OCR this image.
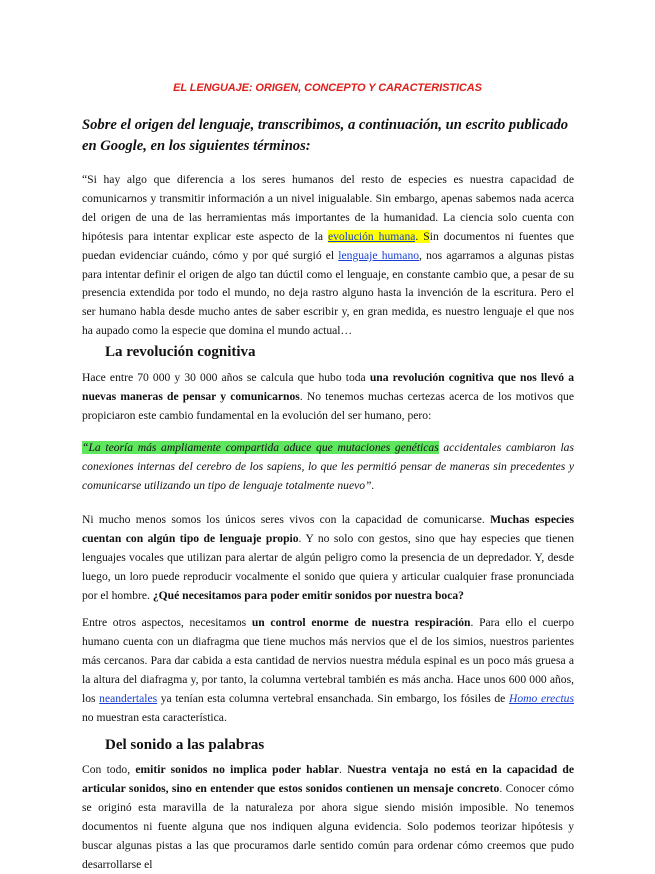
EL LENGUAJE: ORIGEN, CONCEPTO Y CARACTERISTICAS
Sobre el origen del lenguaje, transcribimos, a continuación, un escrito publicado en Google, en los siguientes términos:
“Si hay algo que diferencia a los seres humanos del resto de especies es nuestra capacidad de comunicarnos y transmitir información a un nivel inigualable. Sin embargo, apenas sabemos nada acerca del origen de una de las herramientas más importantes de la humanidad. La ciencia solo cuenta con hipótesis para intentar explicar este aspecto de la evolución humana. Sin documentos ni fuentes que puedan evidenciar cuándo, cómo y por qué surgió el lenguaje humano, nos agarramos a algunas pistas para intentar definir el origen de algo tan dúctil como el lenguaje, en constante cambio que, a pesar de su presencia extendida por todo el mundo, no deja rastro alguno hasta la invención de la escritura. Pero el ser humano habla desde mucho antes de saber escribir y, en gran medida, es nuestro lenguaje el que nos ha aupado como la especie que domina el mundo actual…
La revolución cognitiva
Hace entre 70 000 y 30 000 años se calcula que hubo toda una revolución cognitiva que nos llevó a nuevas maneras de pensar y comunicarnos. No tenemos muchas certezas acerca de los motivos que propiciaron este cambio fundamental en la evolución del ser humano, pero:
“La teoría más ampliamente compartida aduce que mutaciones genéticas accidentales cambiaron las conexiones internas del cerebro de los sapiens, lo que les permitió pensar de maneras sin precedentes y comunicarse utilizando un tipo de lenguaje totalmente nuevo”.
Ni mucho menos somos los únicos seres vivos con la capacidad de comunicarse. Muchas especies cuentan con algún tipo de lenguaje propio. Y no solo con gestos, sino que hay especies que tienen lenguajes vocales que utilizan para alertar de algún peligro como la presencia de un depredador. Y, desde luego, un loro puede reproducir vocalmente el sonido que quiera y articular cualquier frase pronunciada por el hombre. ¿Qué necesitamos para poder emitir sonidos por nuestra boca?
Entre otros aspectos, necesitamos un control enorme de nuestra respiración. Para ello el cuerpo humano cuenta con un diafragma que tiene muchos más nervios que el de los simios, nuestros parientes más cercanos. Para dar cabida a esta cantidad de nervios nuestra médula espinal es un poco más gruesa a la altura del diafragma y, por tanto, la columna vertebral también es más ancha. Hace unos 600 000 años, los neandertales ya tenían esta columna vertebral ensanchada. Sin embargo, los fósiles de Homo erectus no muestran esta característica.
Del sonido a las palabras
Con todo, emitir sonidos no implica poder hablar. Nuestra ventaja no está en la capacidad de articular sonidos, sino en entender que estos sonidos contienen un mensaje concreto. Conocer cómo se originó esta maravilla de la naturaleza por ahora sigue siendo misión imposible. No tenemos documentos ni fuente alguna que nos indiquen alguna evidencia. Solo podemos teorizar hipótesis y buscar algunas pistas a las que procuramos darle sentido común para ordenar cómo creemos que pudo desarrollarse el
